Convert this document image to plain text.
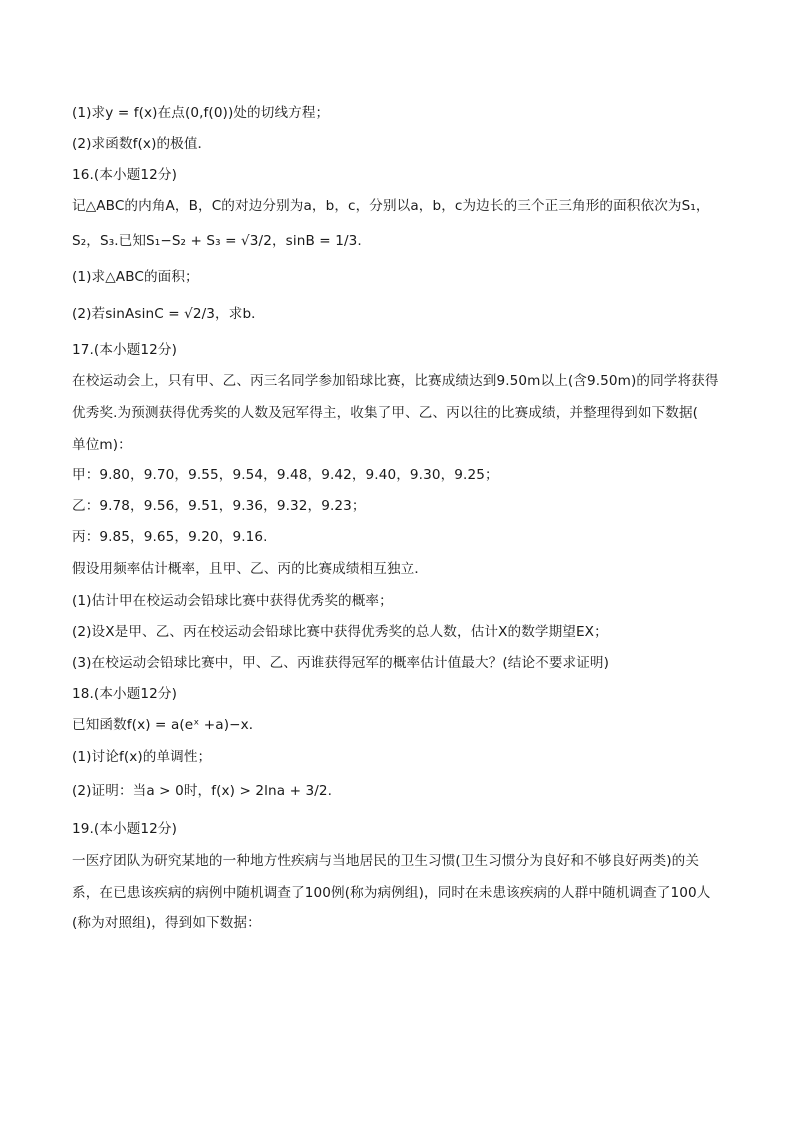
(1)求y = f(x)在点(0,f(0))处的切线方程；
(2)求函数f(x)的极值．
16.(本小题12分)
记△ABC的内角A，B，C的对边分别为a，b，c，分别以a，b，c为边长的三个正三角形的面积依次为S₁，
S₂，S₃.已知S₁−S₂ + S₃ = √3/2，sinB = 1/3.
(1)求△ABC的面积；
(2)若sinAsinC = √2/3，求b．
17.(本小题12分)
在校运动会上，只有甲、乙、丙三名同学参加铅球比赛，比赛成绩达到9.50m以上(含9.50m)的同学将获得
优秀奖.为预测获得优秀奖的人数及冠军得主，收集了甲、乙、丙以往的比赛成绩，并整理得到如下数据(
单位m)：
甲：9.80，9.70，9.55，9.54，9.48，9.42，9.40，9.30，9.25；
乙：9.78，9.56，9.51，9.36，9.32，9.23；
丙：9.85，9.65，9.20，9.16.
假设用频率估计概率，且甲、乙、丙的比赛成绩相互独立．
(1)估计甲在校运动会铅球比赛中获得优秀奖的概率；
(2)设X是甲、乙、丙在校运动会铅球比赛中获得优秀奖的总人数，估计X的数学期望EX；
(3)在校运动会铅球比赛中，甲、乙、丙谁获得冠军的概率估计值最大？(结论不要求证明)
18.(本小题12分)
已知函数f(x) = a(eˣ +a)−x．
(1)讨论f(x)的单调性；
(2)证明：当a > 0时，f(x) > 2lna + 3/2.
19.(本小题12分)
一医疗团队为研究某地的一种地方性疾病与当地居民的卫生习惯(卫生习惯分为良好和不够良好两类)的关
系，在已患该疾病的病例中随机调查了100例(称为病例组)，同时在未患该疾病的人群中随机调查了100人
(称为对照组)，得到如下数据：
